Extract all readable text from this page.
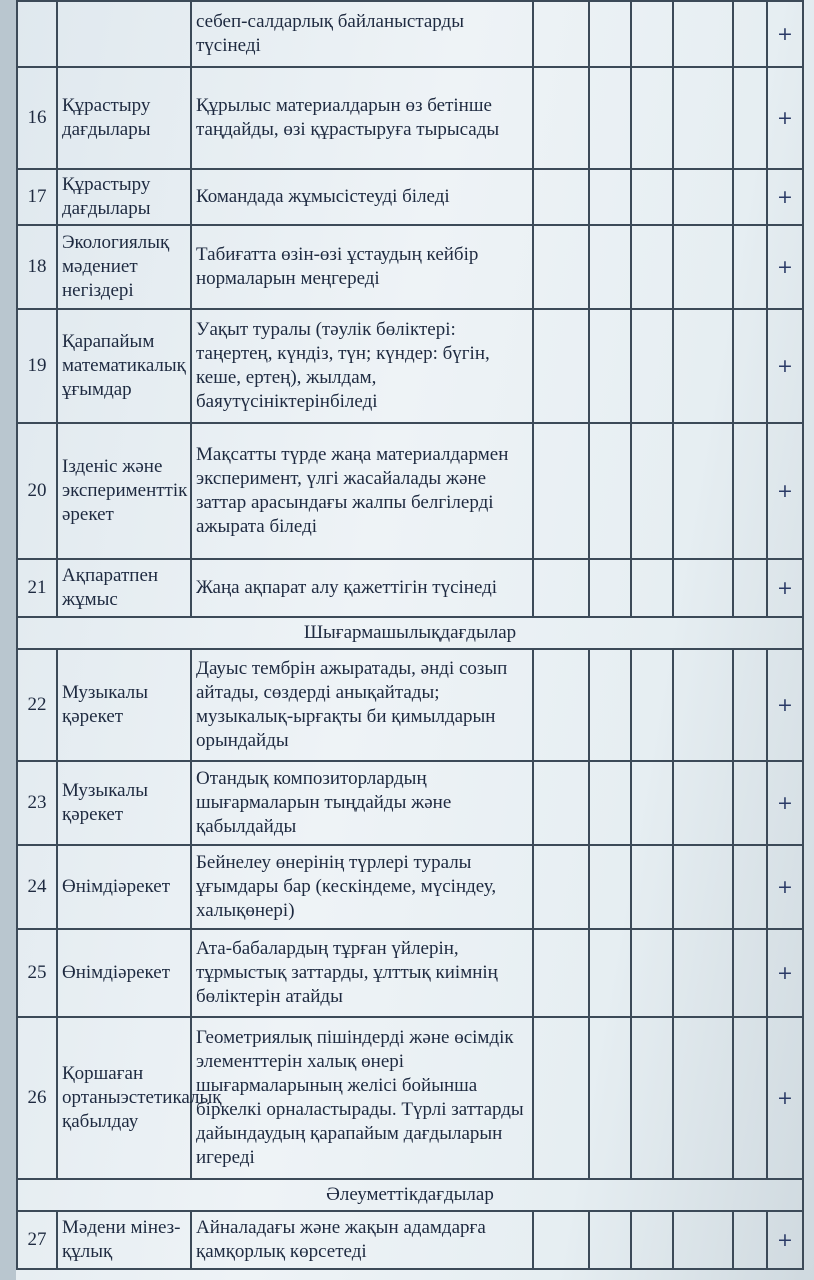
		себеп-салдарлық байланыстарды түсінеді						+
16	Құрастыру дағдылары	Құрылыс материалдарын өз бетінше таңдайды, өзі құрастыруға тырысады						+
17	Құрастыру дағдылары	Командада жұмысістеуді біледі						+
18	Экологиялық мәдениет негіздері	Табиғатта өзін-өзі ұстаудың кейбір нормаларын меңгереді						+
19	Қарапайым математикалық ұғымдар	Уақыт туралы (тәулік бөліктері: таңертең, күндіз, түн; күндер: бүгін, кеше, ертең), жылдам, баяутүсініктерінбіледі						+
20	Ізденіс және эксперименттік әрекет	Мақсатты түрде жаңа материалдармен эксперимент, үлгі жасайалады және заттар арасындағы жалпы белгілерді ажырата біледі						+
21	Ақпаратпен жұмыс	Жаңа ақпарат алу қажеттігін түсінеді						+
Шығармашылықдағдылар								
22	Музыкалы қәрекет	Дауыс тембрін ажыратады, әнді созып айтады, сөздерді анықайтады; музыкалық-ырғақты би қимылдарын орындайды						+
23	Музыкалы қәрекет	Отандық композиторлардың шығармаларын тыңдайды және қабылдайды						+
24	Өнімдіәрекет	Бейнелеу өнерінің түрлері туралы ұғымдары бар (кескіндеме, мүсіндеу, халықөнері)						+
25	Өнімдіәрекет	Ата-бабалардың тұрған үйлерін, тұрмыстық заттарды, ұлттық киімнің бөліктерін атайды						+
26	Қоршаған ортаныэстетикалық қабылдау	Геометриялық пішіндерді және өсімдік элементтерін халық өнері шығармаларының желісі бойынша біркелкі орналастырады. Түрлі заттарды дайындаудың қарапайым дағдыларын игереді						+
Әлеуметтікдағдылар								
27	Мәдени мінез-құлық	Айналадағы және жақын адамдарға қамқорлық көрсетеді						+
